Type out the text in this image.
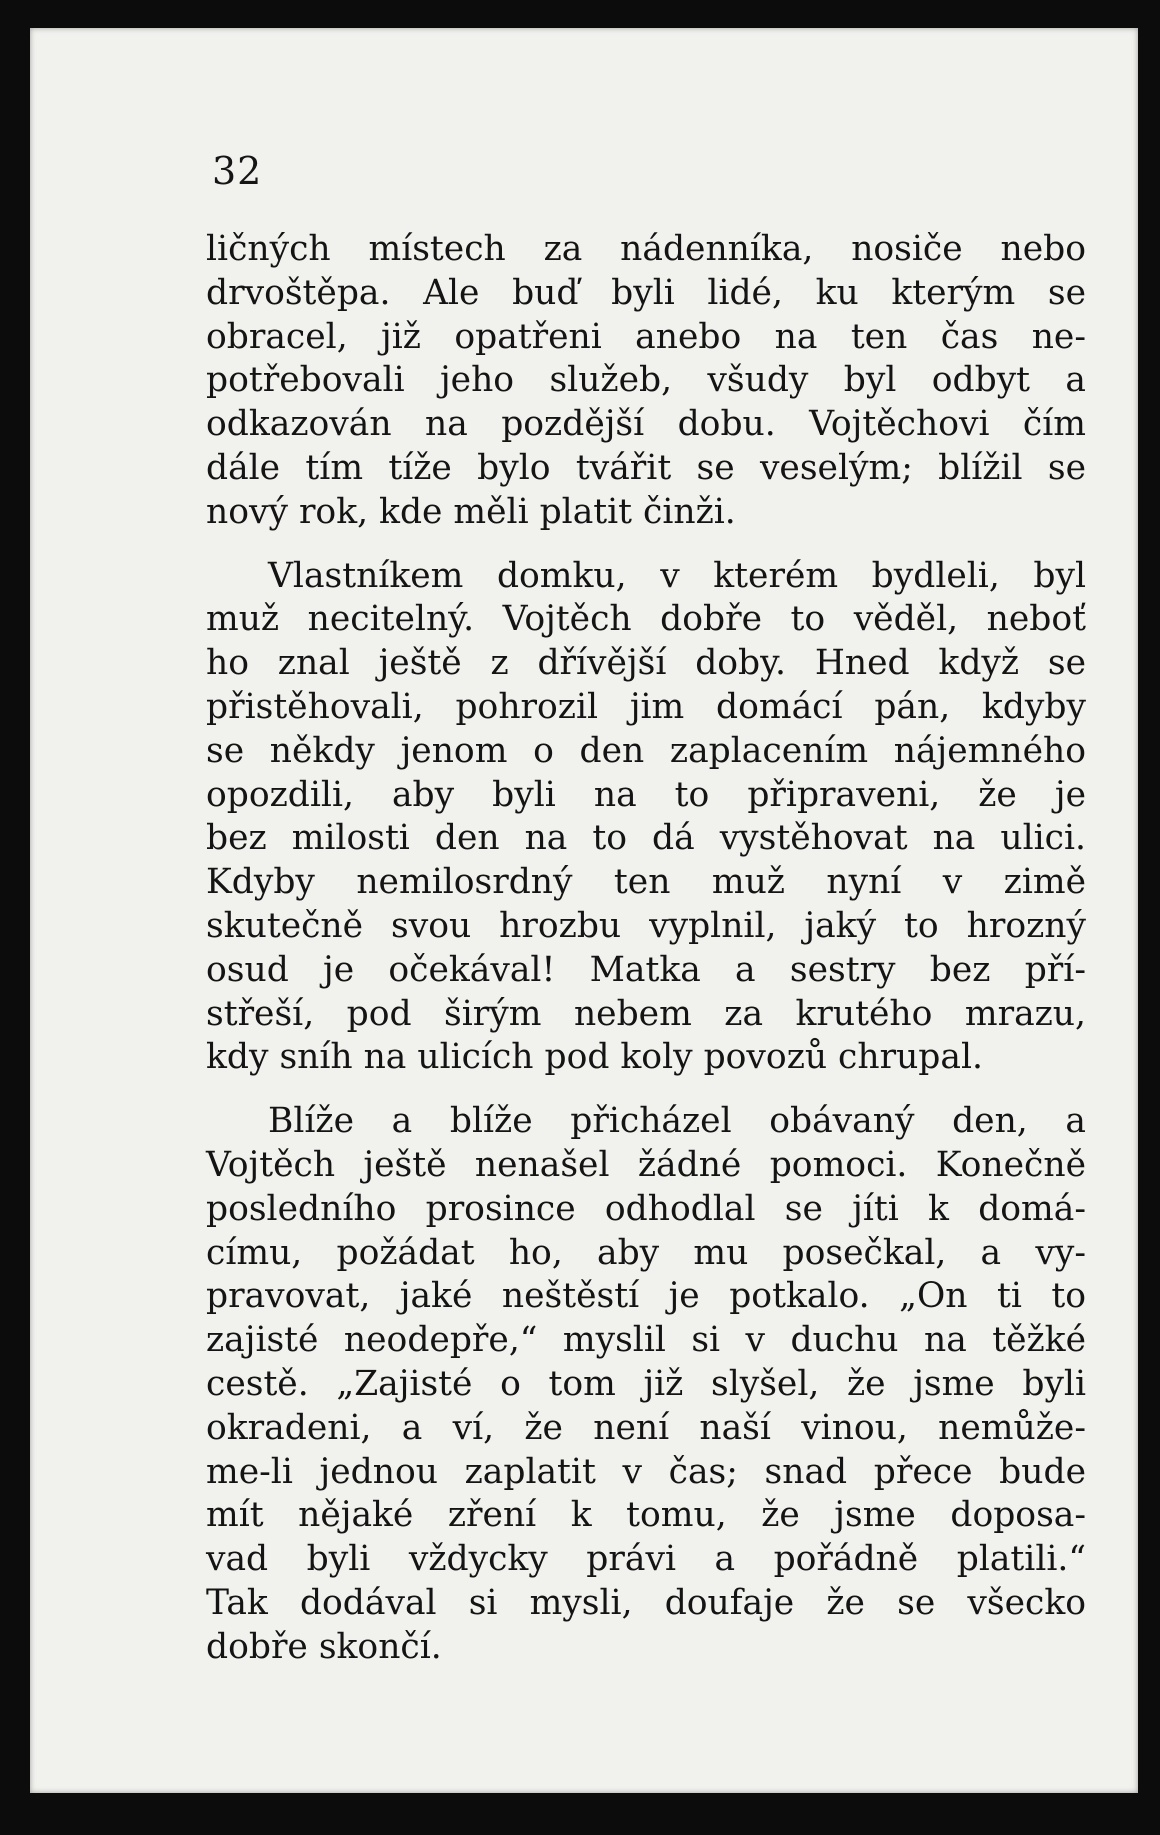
32
ličných místech za nádenníka, nosiče nebo
drvoštěpa. Ale buď byli lidé, ku kterým se
obracel, již opatřeni anebo na ten čas ne-
potřebovali jeho služeb, všudy byl odbyt a
odkazován na pozdější dobu. Vojtěchovi čím
dále tím tíže bylo tvářit se veselým; blížil se
nový rok, kde měli platit činži.
Vlastníkem domku, v kterém bydleli, byl
muž necitelný. Vojtěch dobře to věděl, neboť
ho znal ještě z dřívější doby. Hned když se
přistěhovali, pohrozil jim domácí pán, kdyby
se někdy jenom o den zaplacením nájemného
opozdili, aby byli na to připraveni, že je
bez milosti den na to dá vystěhovat na ulici.
Kdyby nemilosrdný ten muž nyní v zimě
skutečně svou hrozbu vyplnil, jaký to hrozný
osud je očekával! Matka a sestry bez pří-
střeší, pod širým nebem za krutého mrazu,
kdy sníh na ulicích pod koly povozů chrupal.
Blíže a blíže přicházel obávaný den, a
Vojtěch ještě nenašel žádné pomoci. Konečně
posledního prosince odhodlal se jíti k domá-
címu, požádat ho, aby mu posečkal, a vy-
pravovat, jaké neštěstí je potkalo. „On ti to
zajisté neodepře,“ myslil si v duchu na těžké
cestě. „Zajisté o tom již slyšel, že jsme byli
okradeni, a ví, že není naší vinou, nemůže-
me-li jednou zaplatit v čas; snad přece bude
mít nějaké zření k tomu, že jsme doposa-
vad byli vždycky právi a pořádně platili.“
Tak dodával si mysli, doufaje že se všecko
dobře skončí.
